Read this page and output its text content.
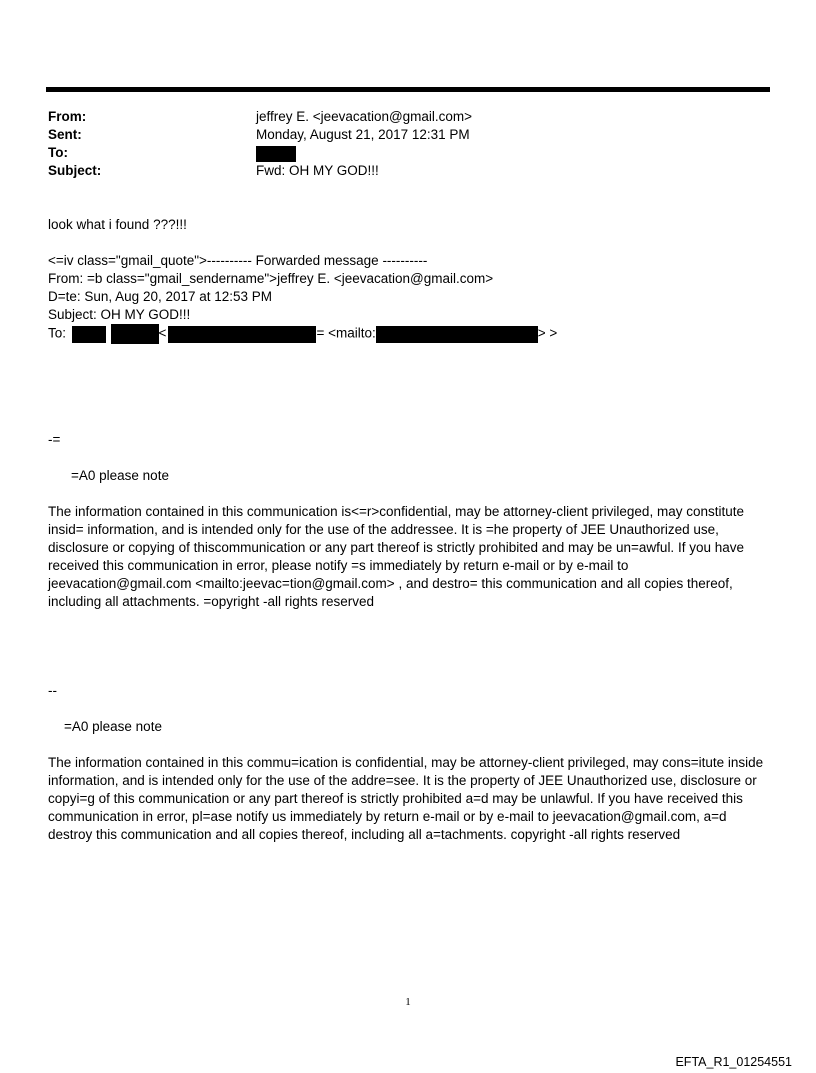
From:	jeffrey E. <jeevacation@gmail.com>
Sent:	Monday, August 21, 2017 12:31 PM
To:
Subject:	Fwd: OH MY GOD!!!
look what i found ???!!!
<=iv class="gmail_quote">---------- Forwarded message ----------
From: =b class="gmail_sendername">jeffrey E. <jeevacation@gmail.com>
D=te: Sun, Aug 20, 2017 at 12:53 PM
Subject: OH MY GOD!!!
To:	<	= <mailto:	> >
-=
=A0 please note
The information contained in this communication is<=r>confidential, may be attorney-client privileged, may constitute insid= information, and is intended only for the use of the addressee. It is =he property of JEE Unauthorized use, disclosure or copying of thiscommunication or any part thereof is strictly prohibited and may be un=awful. If you have received this communication in error, please notify =s immediately by return e-mail or by e-mail to jeevacation@gmail.com <mailto:jeevac=tion@gmail.com> , and destro= this communication and all copies thereof, including all attachments. =opyright -all rights reserved
--
=A0 please note
The information contained in this commu=ication is confidential, may be attorney-client privileged, may cons=itute inside information, and is intended only for the use of the addre=see. It is the property of JEE Unauthorized use, disclosure or copyi=g of this communication or any part thereof is strictly prohibited a=d may be unlawful. If you have received this communication in error, pl=ase notify us immediately by return e-mail or by e-mail to jeevacation@gmail.com, a=d destroy this communication and all copies thereof, including all a=tachments. copyright -all rights reserved
1
EFTA_R1_01254551
